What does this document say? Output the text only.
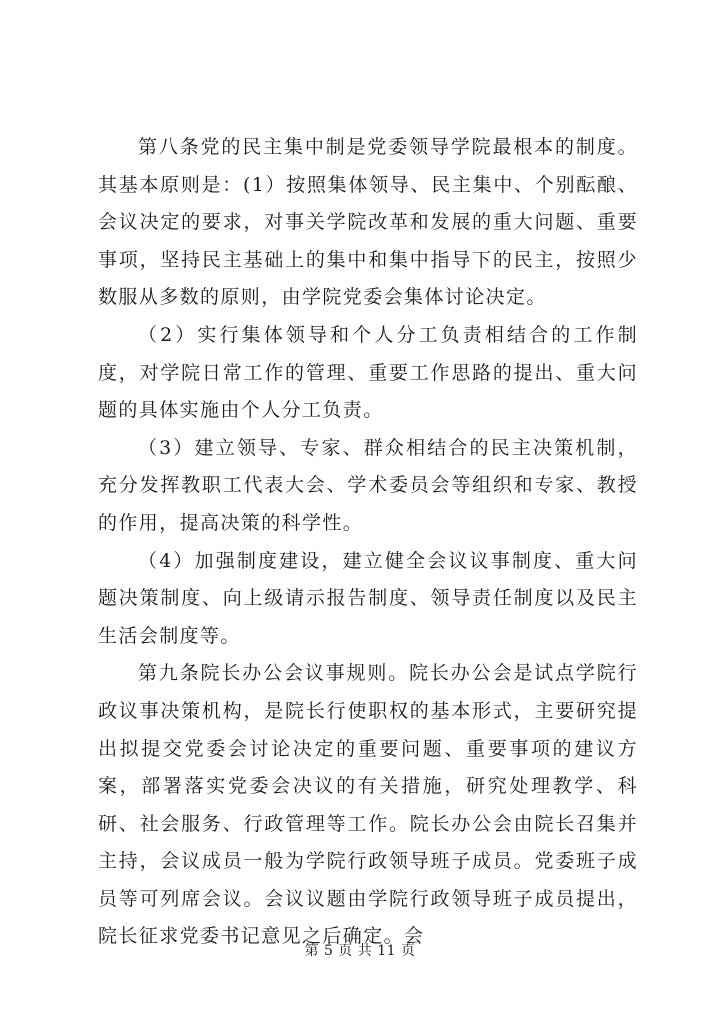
第八条党的民主集中制是党委领导学院最根本的制度。其基本原则是：(1）按照集体领导、民主集中、个别酝酿、会议决定的要求，对事关学院改革和发展的重大问题、重要事项，坚持民主基础上的集中和集中指导下的民主，按照少数服从多数的原则，由学院党委会集体讨论决定。

（2）实行集体领导和个人分工负责相结合的工作制度，对学院日常工作的管理、重要工作思路的提出、重大问题的具体实施由个人分工负责。

（3）建立领导、专家、群众相结合的民主决策机制，充分发挥教职工代表大会、学术委员会等组织和专家、教授的作用，提高决策的科学性。

（4）加强制度建设，建立健全会议议事制度、重大问题决策制度、向上级请示报告制度、领导责任制度以及民主生活会制度等。

第九条院长办公会议事规则。院长办公会是试点学院行政议事决策机构，是院长行使职权的基本形式，主要研究提出拟提交党委会讨论决定的重要问题、重要事项的建议方案，部署落实党委会决议的有关措施，研究处理教学、科研、社会服务、行政管理等工作。院长办公会由院长召集并主持，会议成员一般为学院行政领导班子成员。党委班子成员等可列席会议。会议议题由学院行政领导班子成员提出，院长征求党委书记意见之后确定。会

第 5 页 共 11 页
